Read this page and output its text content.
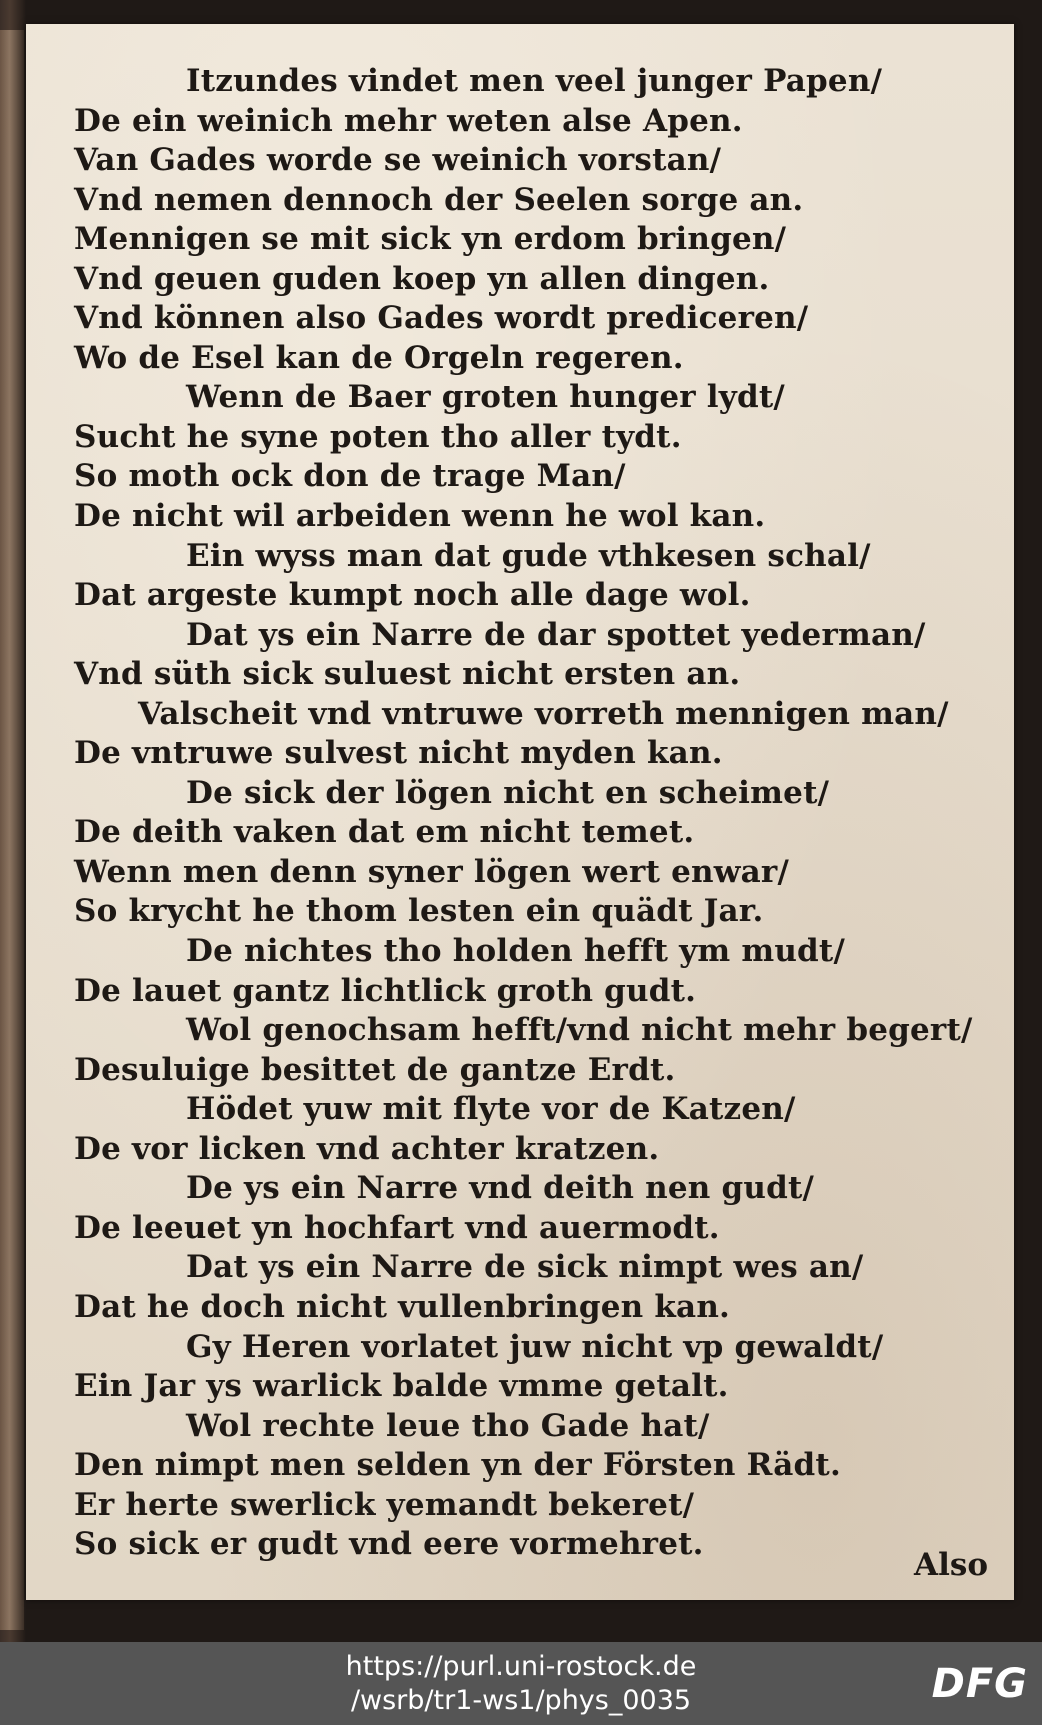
Itzundes vindet men veel junger Papen/
De ein weinich mehr weten alse Apen.
Van Gades worde se weinich vorstan/
Vnd nemen dennoch der Seelen sorge an.
Mennigen se mit sick yn erdom bringen/
Vnd geuen guden koep yn allen dingen.
Vnd können also Gades wordt prediceren/
Wo de Esel kan de Orgeln regeren.
Wenn de Baer groten hunger lydt/
Sucht he syne poten tho aller tydt.
So moth ock don de trage Man/
De nicht wil arbeiden wenn he wol kan.
Ein wyss man dat gude vthkesen schal/
Dat argeste kumpt noch alle dage wol.
Dat ys ein Narre de dar spottet yederman/
Vnd süth sick suluest nicht ersten an.
Valscheit vnd vntruwe vorreth mennigen man/
De vntruwe sulvest nicht myden kan.
De sick der lögen nicht en scheimet/
De deith vaken dat em nicht temet.
Wenn men denn syner lögen wert enwar/
So krycht he thom lesten ein quädt Jar.
De nichtes tho holden hefft ym mudt/
De lauet gantz lichtlick groth gudt.
Wol genochsam hefft/vnd nicht mehr begert/
Desuluige besittet de gantze Erdt.
Hödet yuw mit flyte vor de Katzen/
De vor licken vnd achter kratzen.
De ys ein Narre vnd deith nen gudt/
De leeuet yn hochfart vnd auermodt.
Dat ys ein Narre de sick nimpt wes an/
Dat he doch nicht vullenbringen kan.
Gy Heren vorlatet juw nicht vp gewaldt/
Ein Jar ys warlick balde vmme getalt.
Wol rechte leue tho Gade hat/
Den nimpt men selden yn der Försten Rädt.
Er herte swerlick yemandt bekeret/
So sick er gudt vnd eere vormehret.
Also
https://purl.uni-rostock.de
/wsrb/tr1-ws1/phys_0035	DFG
